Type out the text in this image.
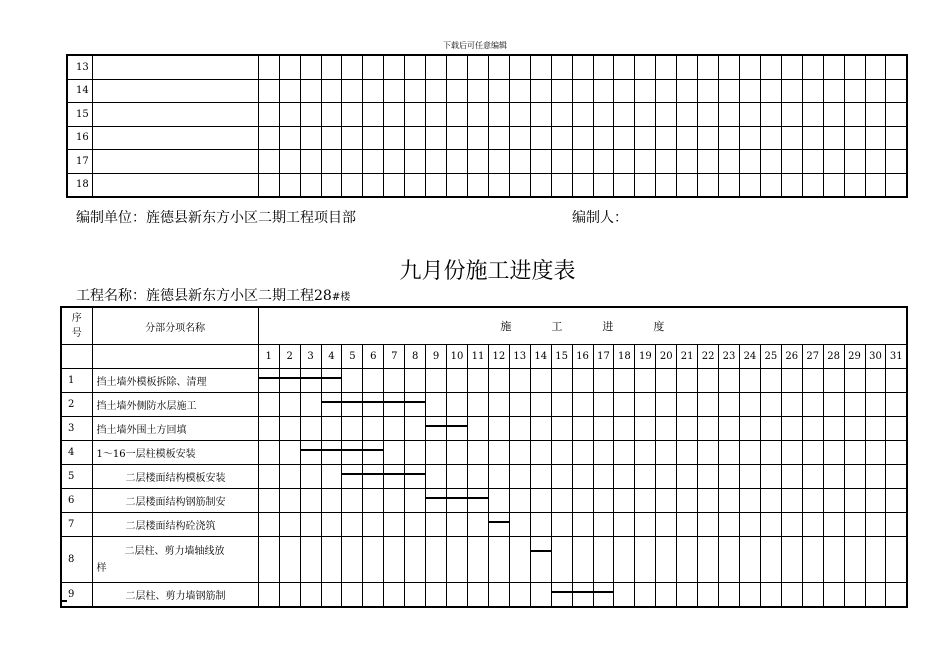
下载后可任意编辑
13																																
14																																
15																																
16																																
17																																
18																																
编制单位：旌德县新东方小区二期工程项目部	编制人：
九月份施工进度表
工程名称：旌德县新东方小区二期工程28#楼
序
号	分部分项名称	施 工 进 度																														
		1	2	3	4	5	6	7	8	9	10	11	12	13	14	15	16	17	18	19	20	21	22	23	24	25	26	27	28	29	30	31
1	挡土墙外模板拆除、清理																															
2	挡土墙外侧防水层施工																															
3	挡土墙外围土方回填																															
4	1～16一层柱模板安装																															
5	二层楼面结构模板安装																															
6	二层楼面结构钢筋制安																															
7	二层楼面结构砼浇筑																															
8	二层柱、剪力墙轴线放
样																															
9	二层柱、剪力墙钢筋制																															
